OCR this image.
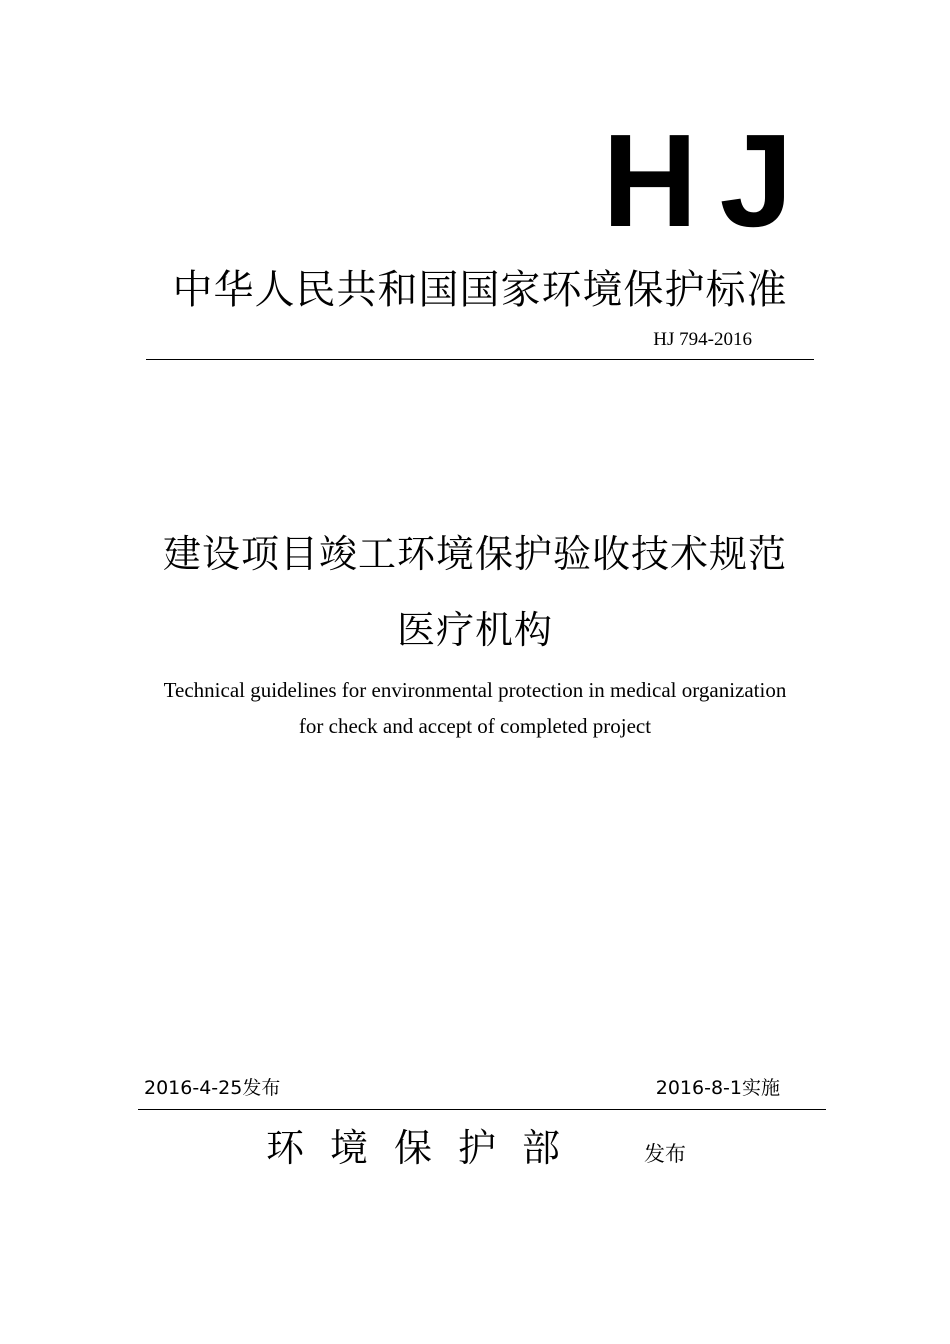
HJ
中华人民共和国国家环境保护标准
HJ 794-2016
建设项目竣工环境保护验收技术规范
医疗机构
Technical guidelines for environmental protection in medical organization
for check and accept of completed project
2016-4-25发布	2016-8-1实施
环境保护部	发布
